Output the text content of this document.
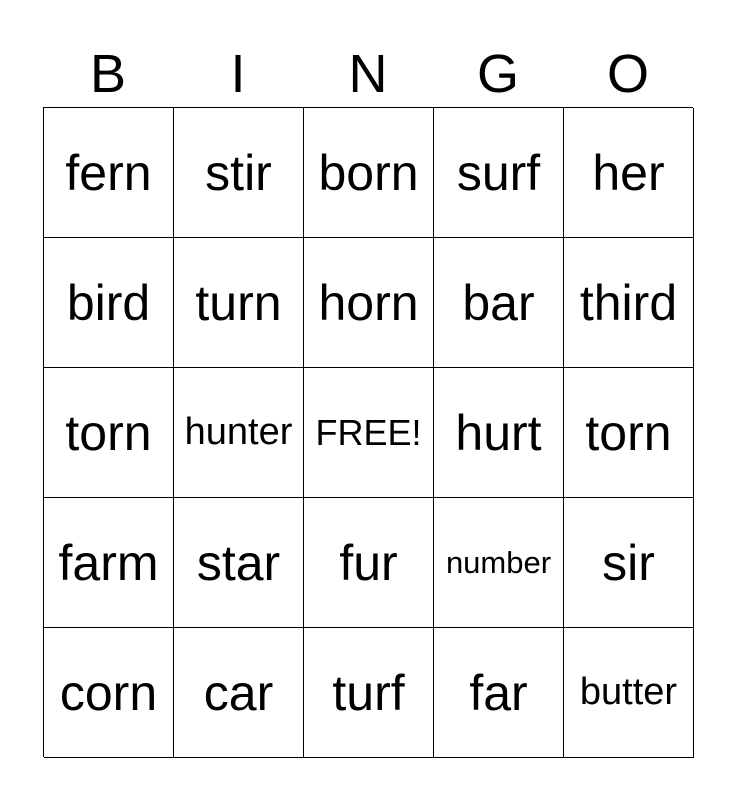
B	I	N	G	O
fern	stir born surf	her
bird turn horn bar third
torn hunter FREE! hurt torn
farm star	fur	number	sir
corn car	turf	far	butter
